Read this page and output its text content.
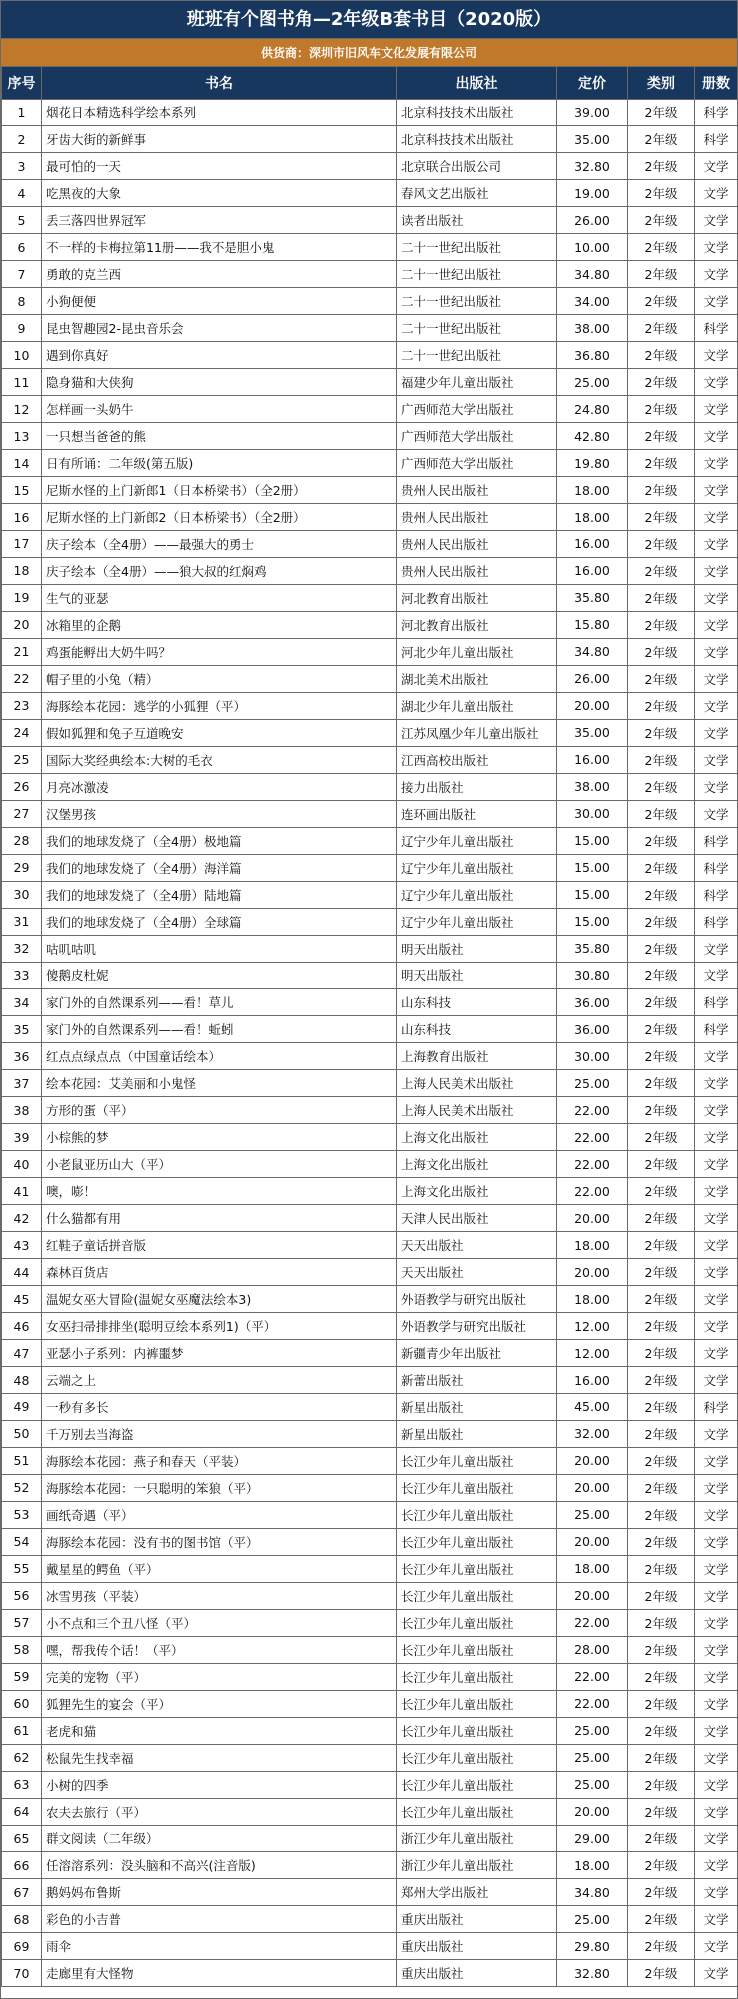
班班有个图书角—2年级B套书目（2020版）
供货商：深圳市旧风车文化发展有限公司
序号	书名	出版社	定价	类别	册数
1	烟花日本精选科学绘本系列	北京科技技术出版社	39.00	2年级	科学
2	牙齿大街的新鲜事	北京科技技术出版社	35.00	2年级	科学
3	最可怕的一天	北京联合出版公司	32.80	2年级	文学
4	吃黑夜的大象	春风文艺出版社	19.00	2年级	文学
5	丢三落四世界冠军	读者出版社	26.00	2年级	文学
6	不一样的卡梅拉第11册——我不是胆小鬼	二十一世纪出版社	10.00	2年级	文学
7	勇敢的克兰西	二十一世纪出版社	34.80	2年级	文学
8	小狗便便	二十一世纪出版社	34.00	2年级	文学
9	昆虫智趣园2-昆虫音乐会	二十一世纪出版社	38.00	2年级	科学
10	遇到你真好	二十一世纪出版社	36.80	2年级	文学
11	隐身猫和大侠狗	福建少年儿童出版社	25.00	2年级	文学
12	怎样画一头奶牛	广西师范大学出版社	24.80	2年级	文学
13	一只想当爸爸的熊	广西师范大学出版社	42.80	2年级	文学
14	日有所诵：二年级(第五版)	广西师范大学出版社	19.80	2年级	文学
15	尼斯水怪的上门新郎1（日本桥梁书）（全2册）	贵州人民出版社	18.00	2年级	文学
16	尼斯水怪的上门新郎2（日本桥梁书）（全2册）	贵州人民出版社	18.00	2年级	文学
17	庆子绘本（全4册）——最强大的勇士	贵州人民出版社	16.00	2年级	文学
18	庆子绘本（全4册）——狼大叔的红焖鸡	贵州人民出版社	16.00	2年级	文学
19	生气的亚瑟	河北教育出版社	35.80	2年级	文学
20	冰箱里的企鹅	河北教育出版社	15.80	2年级	文学
21	鸡蛋能孵出大奶牛吗？	河北少年儿童出版社	34.80	2年级	文学
22	帽子里的小兔（精）	湖北美术出版社	26.00	2年级	文学
23	海豚绘本花园：逃学的小狐狸（平）	湖北少年儿童出版社	20.00	2年级	文学
24	假如狐狸和兔子互道晚安	江苏凤凰少年儿童出版社	35.00	2年级	文学
25	国际大奖经典绘本:大树的毛衣	江西高校出版社	16.00	2年级	文学
26	月亮冰激凌	接力出版社	38.00	2年级	文学
27	汉堡男孩	连环画出版社	30.00	2年级	文学
28	我们的地球发烧了（全4册）极地篇	辽宁少年儿童出版社	15.00	2年级	科学
29	我们的地球发烧了（全4册）海洋篇	辽宁少年儿童出版社	15.00	2年级	科学
30	我们的地球发烧了（全4册）陆地篇	辽宁少年儿童出版社	15.00	2年级	科学
31	我们的地球发烧了（全4册）全球篇	辽宁少年儿童出版社	15.00	2年级	科学
32	咕叽咕叽	明天出版社	35.80	2年级	文学
33	傻鹅皮杜妮	明天出版社	30.80	2年级	文学
34	家门外的自然课系列——看！草儿	山东科技	36.00	2年级	科学
35	家门外的自然课系列——看！蚯蚓	山东科技	36.00	2年级	科学
36	红点点绿点点（中国童话绘本）	上海教育出版社	30.00	2年级	文学
37	绘本花园：艾美丽和小鬼怪	上海人民美术出版社	25.00	2年级	文学
38	方形的蛋（平）	上海人民美术出版社	22.00	2年级	文学
39	小棕熊的梦	上海文化出版社	22.00	2年级	文学
40	小老鼠亚历山大（平）	上海文化出版社	22.00	2年级	文学
41	噢，嘭！	上海文化出版社	22.00	2年级	文学
42	什么猫都有用	天津人民出版社	20.00	2年级	文学
43	红鞋子童话拼音版	天天出版社	18.00	2年级	文学
44	森林百货店	天天出版社	20.00	2年级	文学
45	温妮女巫大冒险(温妮女巫魔法绘本3)	外语教学与研究出版社	18.00	2年级	文学
46	女巫扫帚排排坐(聪明豆绘本系列1)（平）	外语教学与研究出版社	12.00	2年级	文学
47	亚瑟小子系列：内裤噩梦	新疆青少年出版社	12.00	2年级	文学
48	云端之上	新蕾出版社	16.00	2年级	文学
49	一秒有多长	新星出版社	45.00	2年级	科学
50	千万别去当海盗	新星出版社	32.00	2年级	文学
51	海豚绘本花园：燕子和春天（平装）	长江少年儿童出版社	20.00	2年级	文学
52	海豚绘本花园：一只聪明的笨狼（平）	长江少年儿童出版社	20.00	2年级	文学
53	画纸奇遇（平）	长江少年儿童出版社	25.00	2年级	文学
54	海豚绘本花园：没有书的图书馆（平）	长江少年儿童出版社	20.00	2年级	文学
55	戴星星的鳄鱼（平）	长江少年儿童出版社	18.00	2年级	文学
56	冰雪男孩（平装）	长江少年儿童出版社	20.00	2年级	文学
57	小不点和三个丑八怪（平）	长江少年儿童出版社	22.00	2年级	文学
58	嘿，帮我传个话！（平）	长江少年儿童出版社	28.00	2年级	文学
59	完美的宠物（平）	长江少年儿童出版社	22.00	2年级	文学
60	狐狸先生的宴会（平）	长江少年儿童出版社	22.00	2年级	文学
61	老虎和猫	长江少年儿童出版社	25.00	2年级	文学
62	松鼠先生找幸福	长江少年儿童出版社	25.00	2年级	文学
63	小树的四季	长江少年儿童出版社	25.00	2年级	文学
64	农夫去旅行（平）	长江少年儿童出版社	20.00	2年级	文学
65	群文阅读（二年级）	浙江少年儿童出版社	29.00	2年级	文学
66	任溶溶系列：没头脑和不高兴(注音版)	浙江少年儿童出版社	18.00	2年级	文学
67	鹅妈妈布鲁斯	郑州大学出版社	34.80	2年级	文学
68	彩色的小吉普	重庆出版社	25.00	2年级	文学
69	雨伞	重庆出版社	29.80	2年级	文学
70	走廊里有大怪物	重庆出版社	32.80	2年级	文学
